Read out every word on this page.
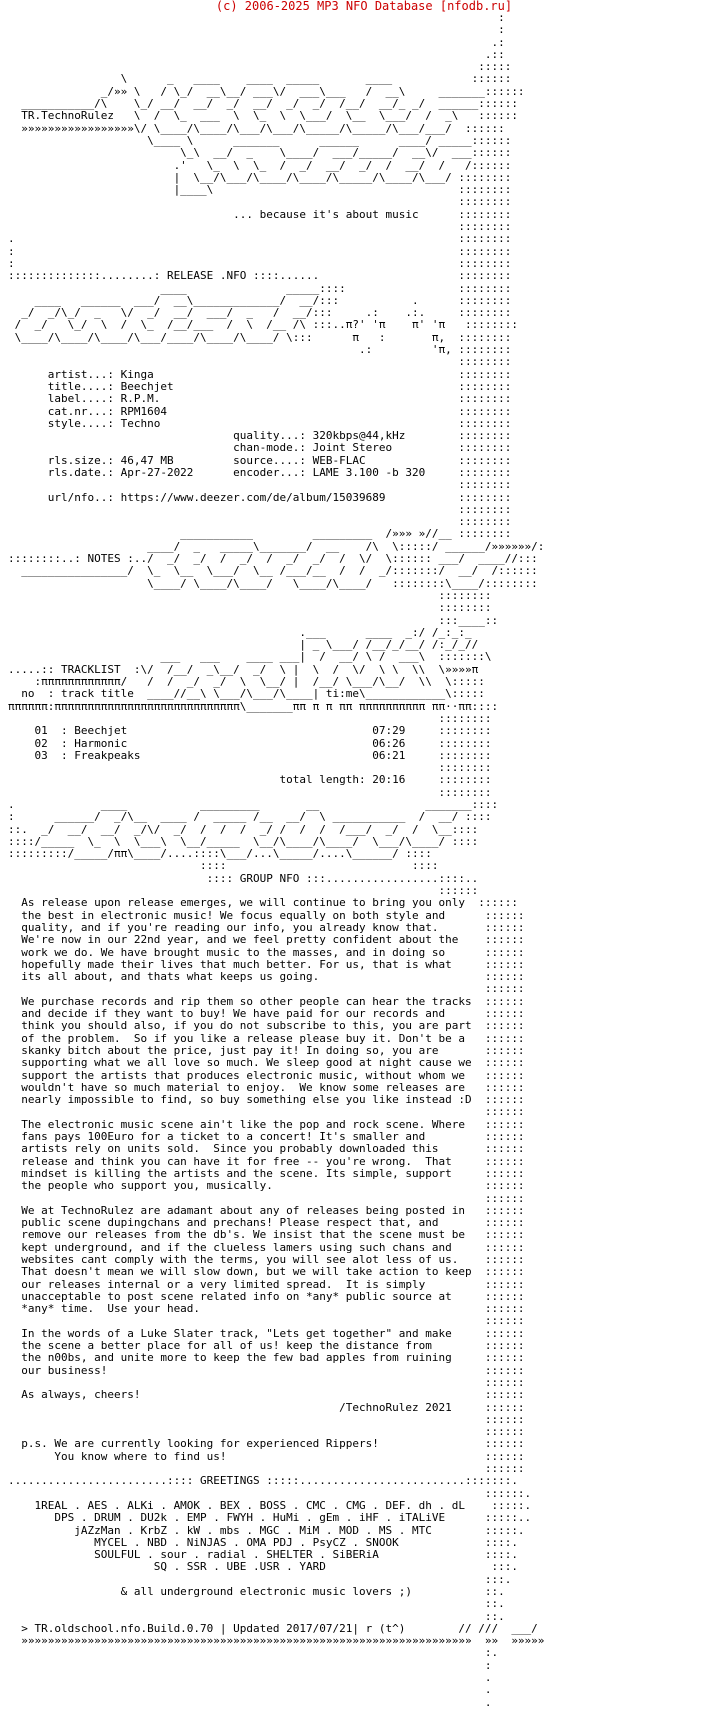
(c) 2006-2025 MP3 NFO Database [nfodb.ru]
:
:
.:
.::
:::::
\      _   ____    ____  _____       ____            ::::::
_/»» \   / \_/  __\__/ ___\/  ___\___   /  __\     _______::::::
___________/\    \_/ __/  __/  _/  __/  _/  _/  /__/  __/_ _/  ______::::::
TR.TechnoRulez   \  /  \_  ___  \  \_  \  \___/  \__  \___/  /  _\   ::::::
»»»»»»»»»»»»»»»»»\/ \____/\____/\___/\___/\_____/\_____/\___/___/  ::::::
\____ \      _______      ______      ____/ _____::::::
\_\  __/  _    \____/  ___/_____/  __\/  ___::::::
.'   \_  \  \_  /  _/  __/  _/  /  __/  /   /::::::
|  \__/\___/\____/\____/\_____/\____/\___/ ::::::::
|____\                                     ::::::::
::::::::
... because it's about music      ::::::::
::::::::
.                                                                   ::::::::
:                                                                   ::::::::
:                                                                   ::::::::
::::::::::::::........: RELEASE .NFO ::::......                     ::::::::
____               _____::::                 ::::::::
____   ______  ___/  __\_____________/  __/:::           .      ::::::::
_/  _/\_/  _   \/  _/  __/  ___/  _   /  __/:::     .:    .:.     ::::::::
/  _/   \_/  \  /  \_  /__/___  /  \  /__ /\ :::..π?' 'π    π' 'π   ::::::::
\____/\____/\____/\___/____/\____/\____/ \:::      π   :       π,  ::::::::
.:         'π, ::::::::
::::::::
artist...: Kinga                                              ::::::::
title....: Beechjet                                           ::::::::
label....: R.P.M.                                             ::::::::
cat.nr...: RPM1604                                            ::::::::
style....: Techno                                             ::::::::
quality...: 320kbps@44,kHz        ::::::::
chan-mode.: Joint Stereo          ::::::::
rls.size.: 46,47 MB         source....: WEB-FLAC              ::::::::
rls.date.: Apr-27-2022      encoder...: LAME 3.100 -b 320     ::::::::
::::::::
url/nfo..: https://www.deezer.com/de/album/15039689           ::::::::
::::::::
::::::::
___________         _________  /»»» »//__ ::::::::
____/  _   _____\_______/  __    /\  \:::::/ ______/»»»»»»/:
::::::::..: NOTES :../  _/  _/  /  _/  /  _/  _/  /  \/  \:::::: ___/  ____//:::
________________/  \_  \__  \___/  \__ /___/__  /  /  _/:::::::/  __/  /::::::
\____/ \____/\____/   \____/\____/   ::::::::\____/::::::::
::::::::
::::::::
:::____::
.___      ____  _:/ /_:_:_
| _ \___/ /__/_/__/ /:_/_//
___   ___    ____ ___|  /  __/ \ /  ___\  :::::::\
.....:: TRACKLIST  :\/  /__/  _\__/  _/  \ |  \  /  \/  \ \  \\  \»»»»π
:ππππππππππππ/   /  /  _/  _/  \  \__/ |  /__/ \___/\__/  \\  \:::::
no  : track title  ____//__\ \___/\___/\____| ti:me\____________\:::::
ππππππ:ππππππππππππππππππππππππππππ\_______ππ π π ππ ππππππππππ ππ··ππ::::
::::::::
01  : Beechjet                                     07:29     ::::::::
02  : Harmonic                                     06:26     ::::::::
03  : Freakpeaks                                   06:21     ::::::::
::::::::
total length: 20:16     ::::::::
::::::::
.             ____           _________       __                _______::::
:      ______/  _/\__  ____ /  _____ /__  __/  \ ___________  /  __/ ::::
::.  _/  __/  __/  _/\/  _/  /  /  /  _/ /  /  /  /___/  _/  /  \__::::
::::/_____  \_  \  \___\  \__/_____  \__/\____/\____/  \___/\____/ ::::
:::::::::/_____/ππ\____/....::::\___/...\_____/....\______/ ::::
::::                            ::::
:::: GROUP NFO :::.................::::..
::::::
As release upon release emerges, we will continue to bring you only  ::::::
the best in electronic music! We focus equally on both style and      ::::::
quality, and if you're reading our info, you already know that.       ::::::
We're now in our 22nd year, and we feel pretty confident about the    ::::::
work we do. We have brought music to the masses, and in doing so      ::::::
hopefully made their lives that much better. For us, that is what     ::::::
its all about, and thats what keeps us going.                         ::::::
::::::
We purchase records and rip them so other people can hear the tracks  ::::::
and decide if they want to buy! We have paid for our records and      ::::::
think you should also, if you do not subscribe to this, you are part  ::::::
of the problem.  So if you like a release please buy it. Don't be a   ::::::
skanky bitch about the price, just pay it! In doing so, you are       ::::::
supporting what we all love so much. We sleep good at night cause we  ::::::
support the artists that produces electronic music, without whom we   ::::::
wouldn't have so much material to enjoy.  We know some releases are   ::::::
nearly impossible to find, so buy something else you like instead :D  ::::::
::::::
The electronic music scene ain't like the pop and rock scene. Where   ::::::
fans pays 100Euro for a ticket to a concert! It's smaller and         ::::::
artists rely on units sold.  Since you probably downloaded this       ::::::
release and think you can have it for free -- you're wrong.  That     ::::::
mindset is killing the artists and the scene. Its simple, support     ::::::
the people who support you, musically.                                ::::::
::::::
We at TechnoRulez are adamant about any of releases being posted in   ::::::
public scene dupingchans and prechans! Please respect that, and       ::::::
remove our releases from the db's. We insist that the scene must be   ::::::
kept underground, and if the clueless lamers using such chans and     ::::::
websites cant comply with the terms, you will see alot less of us.    ::::::
That doesn't mean we will slow down, but we will take action to keep  ::::::
our releases internal or a very limited spread.  It is simply         ::::::
unacceptable to post scene related info on *any* public source at     ::::::
*any* time.  Use your head.                                           ::::::
::::::
In the words of a Luke Slater track, "Lets get together" and make     ::::::
the scene a better place for all of us! keep the distance from        ::::::
the n00bs, and unite more to keep the few bad apples from ruining     ::::::
our business!                                                         ::::::
::::::
As always, cheers!                                                    ::::::
/TechnoRulez 2021     ::::::
::::::
::::::
p.s. We are currently looking for experienced Rippers!                ::::::
You know where to find us!                                       ::::::
::::::
........................:::: GREETINGS :::::.........................:::::::.
::::::.
1REAL . AES . ALKi . AMOK . BEX . BOSS . CMC . CMG . DEF. dh . dL    :::::.
DPS . DRUM . DU2k . EMP . FWYH . HuMi . gEm . iHF . iTALiVE      :::::..
jAZzMan . KrbZ . kW . mbs . MGC . MiM . MOD . MS . MTC        :::::.
MYCEL . NBD . NiNJAS . OMA PDJ . PsyCZ . SNOOK             ::::.
SOULFUL . sour . radial . SHELTER . SiBERiA                ::::.
SQ . SSR . UBE .USR . YARD                         :::.
:::.
& all underground electronic music lovers ;)           ::.
::.
::.
> TR.oldschool.nfo.Build.0.70 | Updated 2017/07/21| r (t^)        // ///  ___/
»»»»»»»»»»»»»»»»»»»»»»»»»»»»»»»»»»»»»»»»»»»»»»»»»»»»»»»»»»»»»»»»»»»»  »»  »»»»»
:.
:
.
.
.
